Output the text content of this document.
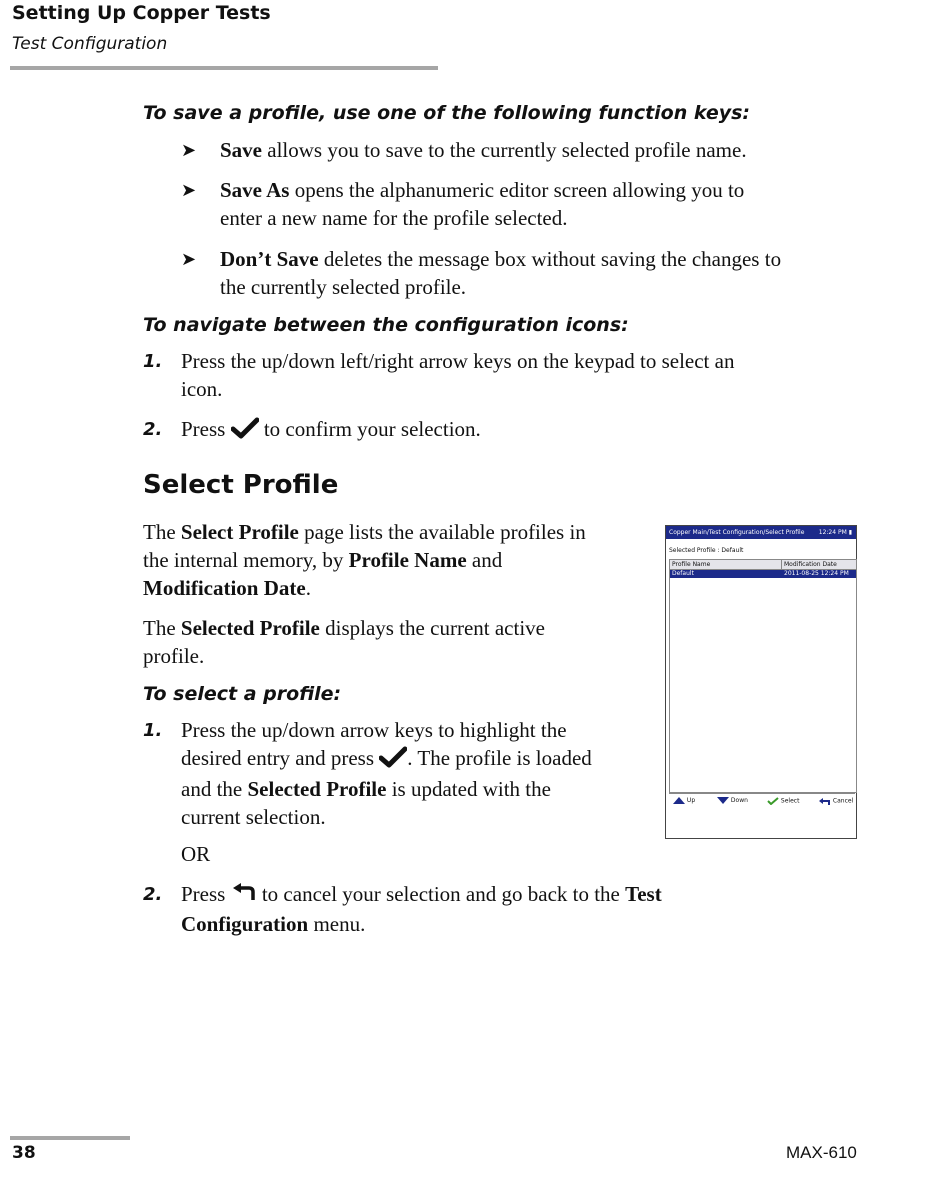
Setting Up Copper Tests
Test Configuration
To save a profile, use one of the following function keys:
➤ Save allows you to save to the currently selected profile name.
➤ Save As opens the alphanumeric editor screen allowing you to
enter a new name for the profile selected.
➤ Don’t Save deletes the message box without saving the changes to
the currently selected profile.
To navigate between the configuration icons:
1. Press the up/down left/right arrow keys on the keypad to select an
icon.
2. Press  to confirm your selection.
Select Profile
The Select Profile page lists the available profiles in
the internal memory, by Profile Name and
Modification Date.
The Selected Profile displays the current active
profile.
To select a profile:
1. Press the up/down arrow keys to highlight the
desired entry and press . The profile is loaded
and the Selected Profile is updated with the
current selection.
OR
2. Press  to cancel your selection and go back to the Test
Configuration menu.
Copper Main/Test Configuration/Select Profile 12:24 PM ▮
Selected Profile : Default
Profile Name	Modification Date
Default	2011-08-25 12:24 PM
Up	Down	Select	Cancel
38	MAX-610
